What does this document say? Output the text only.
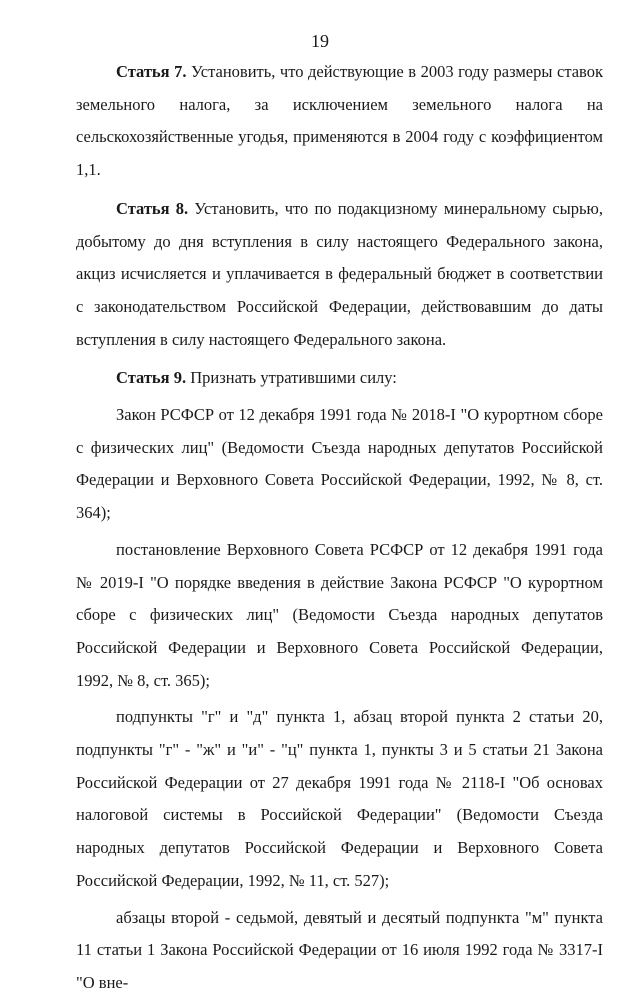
19

Статья 7. Установить, что действующие в 2003 году размеры ставок земельного налога, за исключением земельного налога на сельскохозяйственные угодья, применяются в 2004 году с коэффициентом 1,1.

Статья 8. Установить, что по подакцизному минеральному сырью, добытому до дня вступления в силу настоящего Федерального закона, акциз исчисляется и уплачивается в федеральный бюджет в соответствии с законодательством Российской Федерации, действовавшим до даты вступления в силу настоящего Федерального закона.

Статья 9. Признать утратившими силу:

Закон РСФСР от 12 декабря 1991 года № 2018-I "О курортном сборе с физических лиц" (Ведомости Съезда народных депутатов Российской Федерации и Верховного Совета Российской Федерации, 1992, № 8, ст. 364);

постановление Верховного Совета РСФСР от 12 декабря 1991 года № 2019-I "О порядке введения в действие Закона РСФСР "О курортном сборе с физических лиц" (Ведомости Съезда народных депутатов Российской Федерации и Верховного Совета Российской Федерации, 1992, № 8, ст. 365);

подпункты "г" и "д" пункта 1, абзац второй пункта 2 статьи 20, подпункты "г" - "ж" и "и" - "ц" пункта 1, пункты 3 и 5 статьи 21 Закона Российской Федерации от 27 декабря 1991 года № 2118-I "Об основах налоговой системы в Российской Федерации" (Ведомости Съезда народных депутатов Российской Федерации и Верховного Совета Российской Федерации, 1992, № 11, ст. 527);

абзацы второй - седьмой, девятый и десятый подпункта "м" пункта 11 статьи 1 Закона Российской Федерации от 16 июля 1992 года № 3317-I "О вне-
